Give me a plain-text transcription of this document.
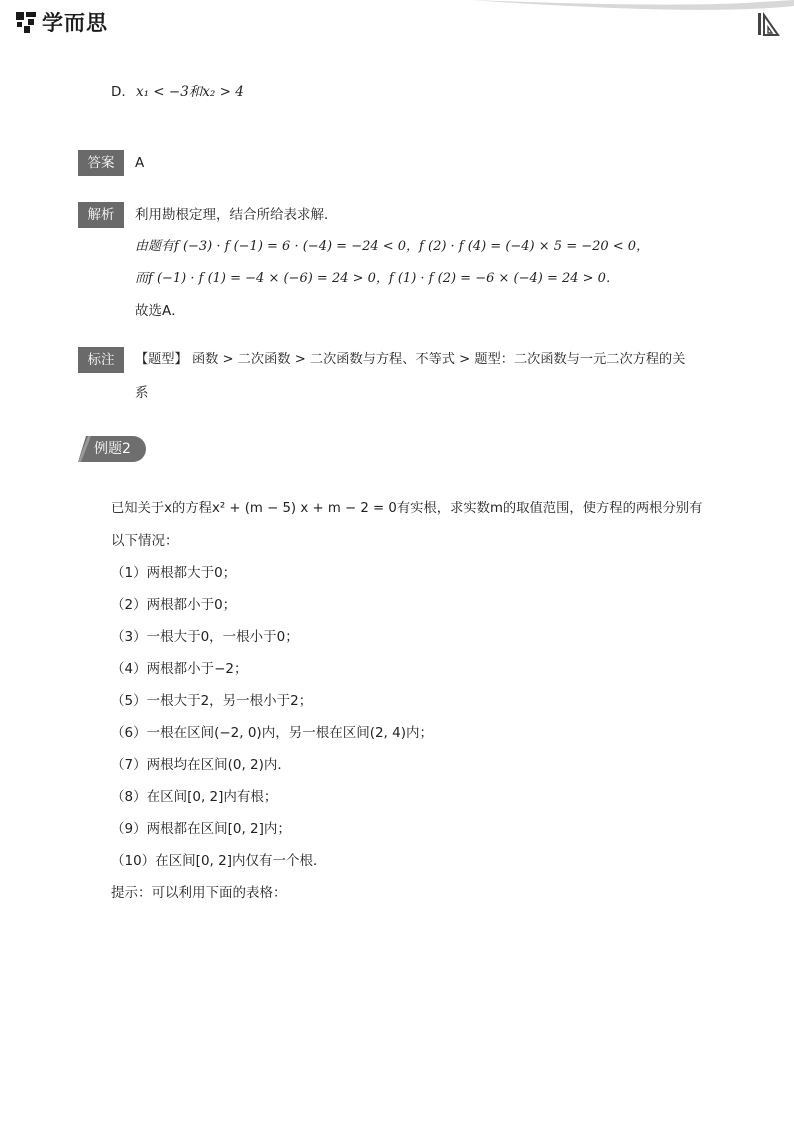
学而思
D. x₁ < −3和x₂ > 4
答案	A
解析	利用勘根定理，结合所给表求解．
由题有f (−3) · f (−1) = 6 · (−4) = −24 < 0，f (2) · f (4) = (−4) × 5 = −20 < 0，
而f (−1) · f (1) = −4 × (−6) = 24 > 0，f (1) · f (2) = −6 × (−4) = 24 > 0．
故选A．
标注	【题型】 函数 > 二次函数 > 二次函数与方程、不等式 > 题型：二次函数与一元二次方程的关
系
例题2
已知关于x的方程x² + (m − 5) x + m − 2 = 0有实根，求实数m的取值范围，使方程的两根分别有
以下情况：
（1）两根都大于0；
（2）两根都小于0；
（3）一根大于0，一根小于0；
（4）两根都小于−2；
（5）一根大于2，另一根小于2；
（6）一根在区间(−2, 0)内，另一根在区间(2, 4)内；
（7）两根均在区间(0, 2)内．
（8）在区间[0, 2]内有根；
（9）两根都在区间[0, 2]内；
（10）在区间[0, 2]内仅有一个根．
提示：可以利用下面的表格：
